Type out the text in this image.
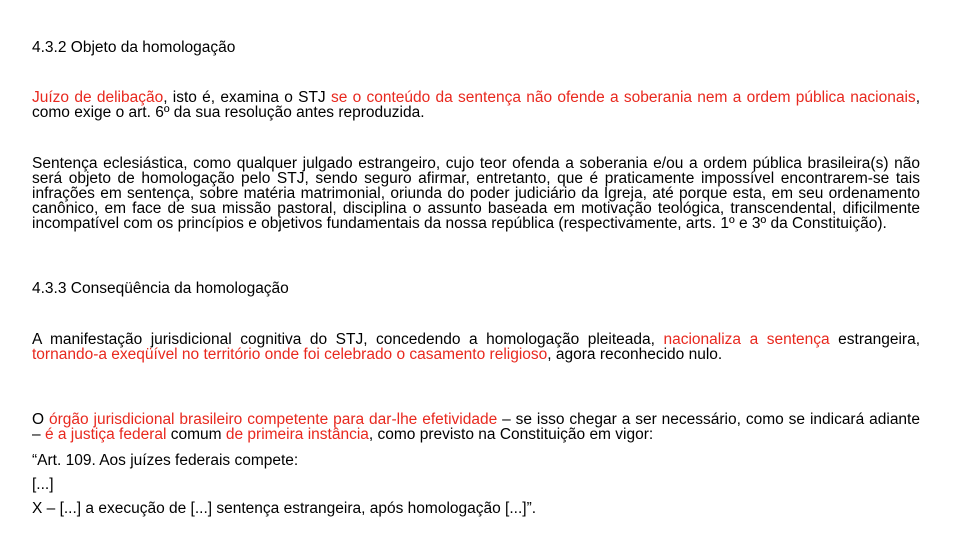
4.3.2 Objeto da homologação
Juízo de delibação, isto é, examina o STJ se o conteúdo da sentença não ofende a soberania nem a ordem pública nacionais, como exige o art. 6º da sua resolução antes reproduzida.
Sentença eclesiástica, como qualquer julgado estrangeiro, cujo teor ofenda a soberania e/ou a ordem pública brasileira(s) não será objeto de homologação pelo STJ, sendo seguro afirmar, entretanto, que é praticamente impossível encontrarem-se tais infrações em sentença, sobre matéria matrimonial, oriunda do poder judiciário da Igreja, até porque esta, em seu ordenamento canônico, em face de sua missão pastoral, disciplina o assunto baseada em motivação teológica, transcendental, dificilmente incompatível com os princípios e objetivos fundamentais da nossa república (respectivamente, arts. 1º e 3º da Constituição).
4.3.3 Conseqüência da homologação
A manifestação jurisdicional cognitiva do STJ, concedendo a homologação pleiteada, nacionaliza a sentença estrangeira, tornando-a exeqüível no território onde foi celebrado o casamento religioso, agora reconhecido nulo.
O órgão jurisdicional brasileiro competente para dar-lhe efetividade – se isso chegar a ser necessário, como se indicará adiante – é a justiça federal comum de primeira instância, como previsto na Constituição em vigor:
“Art. 109. Aos juízes federais compete:
[...]
X – [...] a execução de [...] sentença estrangeira, após homologação [...]”.
